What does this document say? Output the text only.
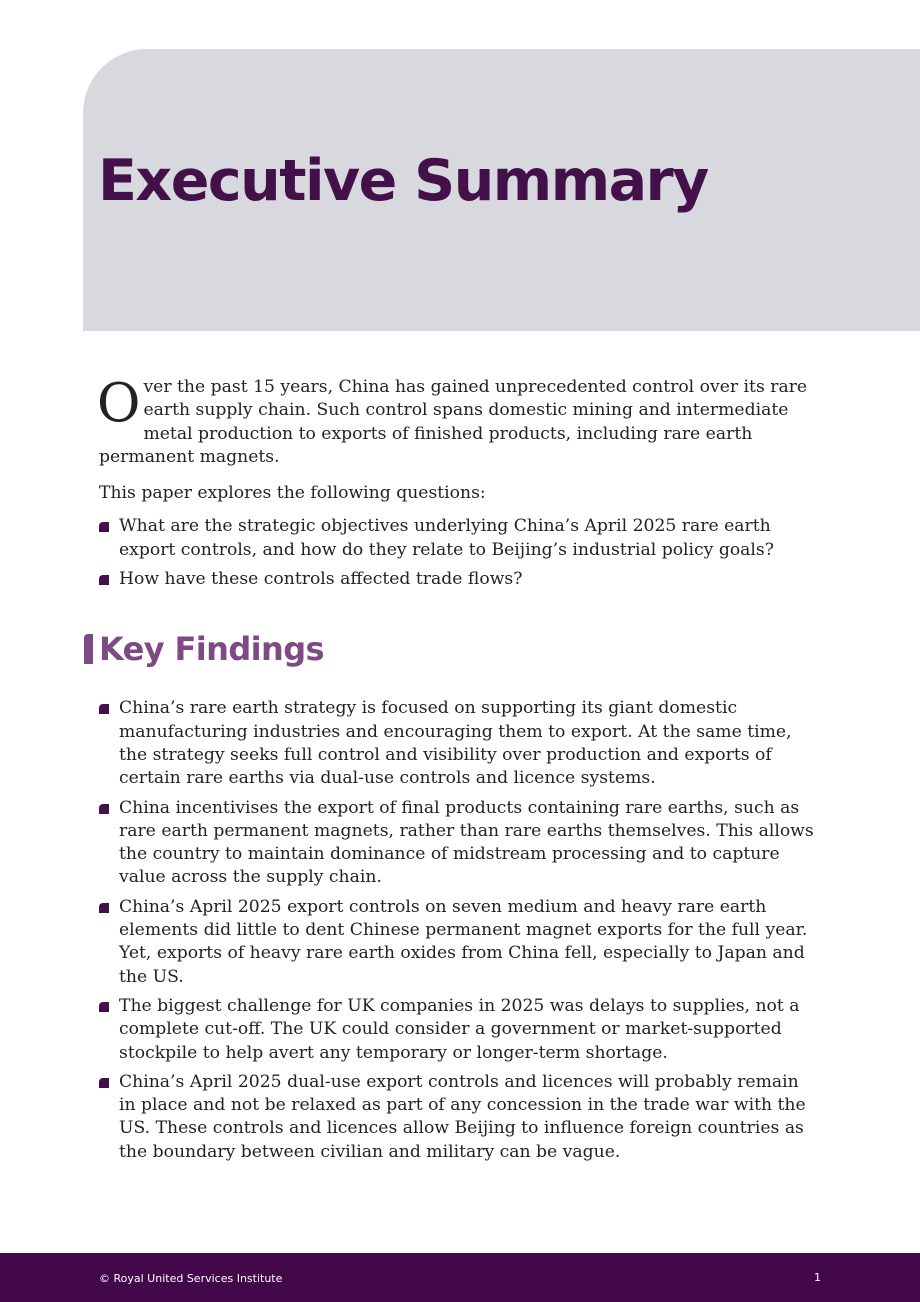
Executive Summary

Over the past 15 years, China has gained unprecedented control over its rare earth supply chain. Such control spans domestic mining and intermediate metal production to exports of finished products, including rare earth permanent magnets.

This paper explores the following questions:

What are the strategic objectives underlying China’s April 2025 rare earth export controls, and how do they relate to Beijing’s industrial policy goals?
How have these controls affected trade flows?
Key Findings
China’s rare earth strategy is focused on supporting its giant domestic manufacturing industries and encouraging them to export. At the same time, the strategy seeks full control and visibility over production and exports of certain rare earths via dual-use controls and licence systems.
China incentivises the export of final products containing rare earths, such as rare earth permanent magnets, rather than rare earths themselves. This allows the country to maintain dominance of midstream processing and to capture value across the supply chain.
China’s April 2025 export controls on seven medium and heavy rare earth elements did little to dent Chinese permanent magnet exports for the full year. Yet, exports of heavy rare earth oxides from China fell, especially to Japan and the US.
The biggest challenge for UK companies in 2025 was delays to supplies, not a complete cut-off. The UK could consider a government or market-supported stockpile to help avert any temporary or longer-term shortage.
China’s April 2025 dual-use export controls and licences will probably remain in place and not be relaxed as part of any concession in the trade war with the US. These controls and licences allow Beijing to influence foreign countries as the boundary between civilian and military can be vague.
© Royal United Services Institute	1
